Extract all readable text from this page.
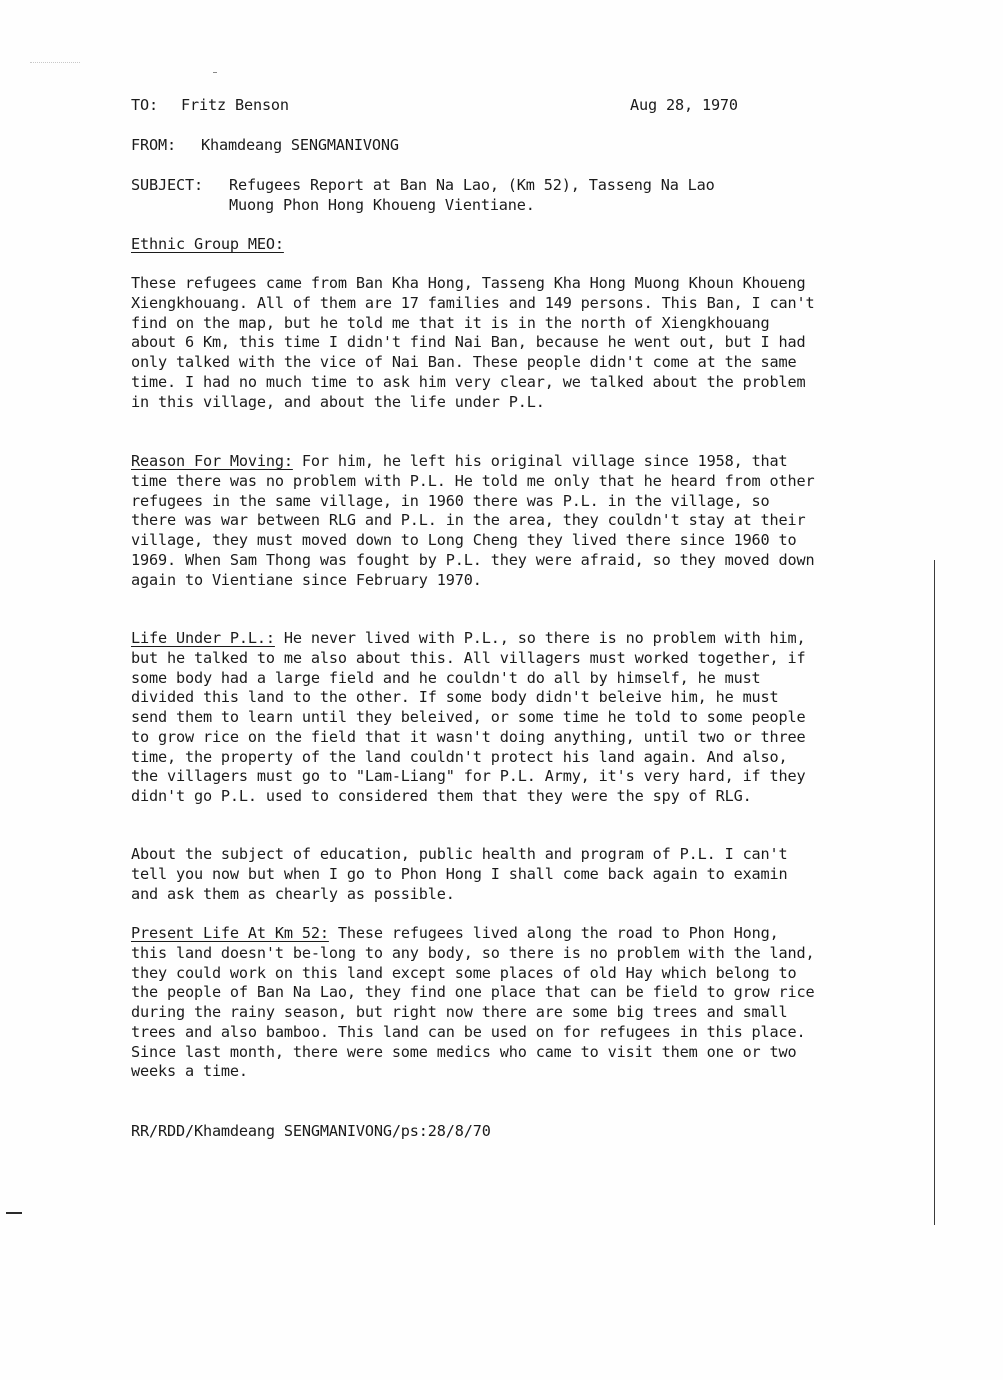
TO: Fritz Benson	Aug 28, 1970
FROM: Khamdeang SENGMANIVONG
SUBJECT: Refugees Report at Ban Na Lao, (Km 52), Tasseng Na Lao
Muong Phon Hong Khoueng Vientiane.
Ethnic Group MEO:

These refugees came from Ban Kha Hong, Tasseng Kha Hong Muong Khoun Khoueng Xiengkhouang. All of them are 17 families and 149 persons. This Ban, I can't find on the map, but he told me that it is in the north of Xiengkhouang about 6 Km, this time I didn't find Nai Ban, because he went out, but I had only talked with the vice of Nai Ban. These people didn't come at the same time. I had no much time to ask him very clear, we talked about the problem in this village, and about the life under P.L.

Reason For Moving: For him, he left his original village since 1958, that time there was no problem with P.L. He told me only that he heard from other refugees in the same village, in 1960 there was P.L. in the village, so there was war between RLG and P.L. in the area, they couldn't stay at their village, they must moved down to Long Cheng they lived there since 1960 to 1969. When Sam Thong was fought by P.L. they were afraid, so they moved down again to Vientiane since February 1970.

Life Under P.L.: He never lived with P.L., so there is no problem with him, but he talked to me also about this. All villagers must worked together, if some body had a large field and he couldn't do all by himself, he must divided this land to the other. If some body didn't beleive him, he must send them to learn until they beleived, or some time he told to some people to grow rice on the field that it wasn't doing anything, until two or three time, the property of the land couldn't protect his land again. And also, the villagers must go to "Lam-Liang" for P.L. Army, it's very hard, if they didn't go P.L. used to considered them that they were the spy of RLG.

About the subject of education, public health and program of P.L. I can't tell you now but when I go to Phon Hong I shall come back again to examin and ask them as chearly as possible.

Present Life At Km 52: These refugees lived along the road to Phon Hong, this land doesn't be-long to any body, so there is no problem with the land, they could work on this land except some places of old Hay which belong to the people of Ban Na Lao, they find one place that can be field to grow rice during the rainy season, but right now there are some big trees and small trees and also bamboo. This land can be used on for refugees in this place. Since last month, there were some medics who came to visit them one or two weeks a time.

RR/RDD/Khamdeang SENGMANIVONG/ps:28/8/70
